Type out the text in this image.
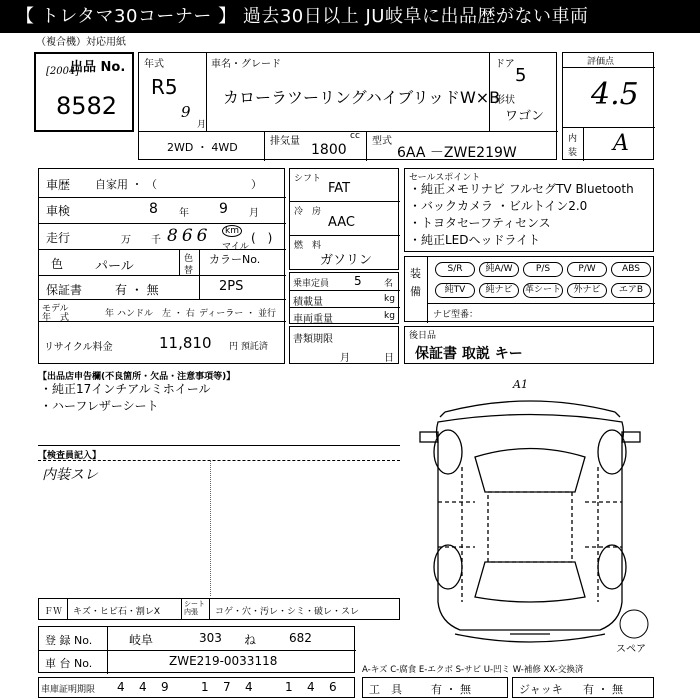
【 トレタマ30コーナー 】 過去30日以上 JU岐阜に出品歴がない車両
（複合機）対応用紙
出品 No.
[2004]
8582
年式
R5
9
月
車名・グレード
カローラツーリングハイブリッドW×B
ドア
5
形状
ワゴン
2WD ・ 4WD	排気量	cc
1800
型式
6AA －ZWE219W
評価点
4.5
内
装 A
車歴 自家用 ・ （	）
車検	8 年 9 月
走行	万 千 866	km
マイル
(　)
色 パール	色
替
カラーNo.
2PS
保証書	有 ・ 無
モデル
年　式	年 ハンドル　左 ・ 右 ディーラー ・ 並行
リサイクル料金	11,810 円 預託済
シフト
FAT
冷　房
AAC
燃　料
ガソリン
乗車定員 5 名
積載量	kg
車両重量	kg
書類期限
月	日
セールスポイント
・純正メモリナビ フルセグTV Bluetooth
・バックカメラ ・ビルトイン2.0
・トヨタセーフティセンス
・純正LEDヘッドライト
装
備
S/R	純A/W	P/S	P/W	ABS
純TV	純ナビ	革シート	外ナビ	エアB
ナビ型番：
後日品
保証書 取説 キー
【出品店申告欄(不良箇所・欠品・注意事項等)】
・純正17インチアルミホイール
・ハーフレザーシート
【検査員記入】
内装スレ
ＦＷ キズ・ヒビ石・割レX
シート
内張	コゲ・穴・汚レ・シミ・破レ・スレ
登 録 No.	岐阜	303 ね	682
車 台 No.	ZWE219-0033118
車庫証明期限 4 4 9	1 7 4	1 4 6
A1
スペア
A-キズ C-腐食 E-エクボ S-サビ U-凹ミ W-補修 XX-交換済
工　具	有 ・ 無	ジャッキ 有 ・ 無
